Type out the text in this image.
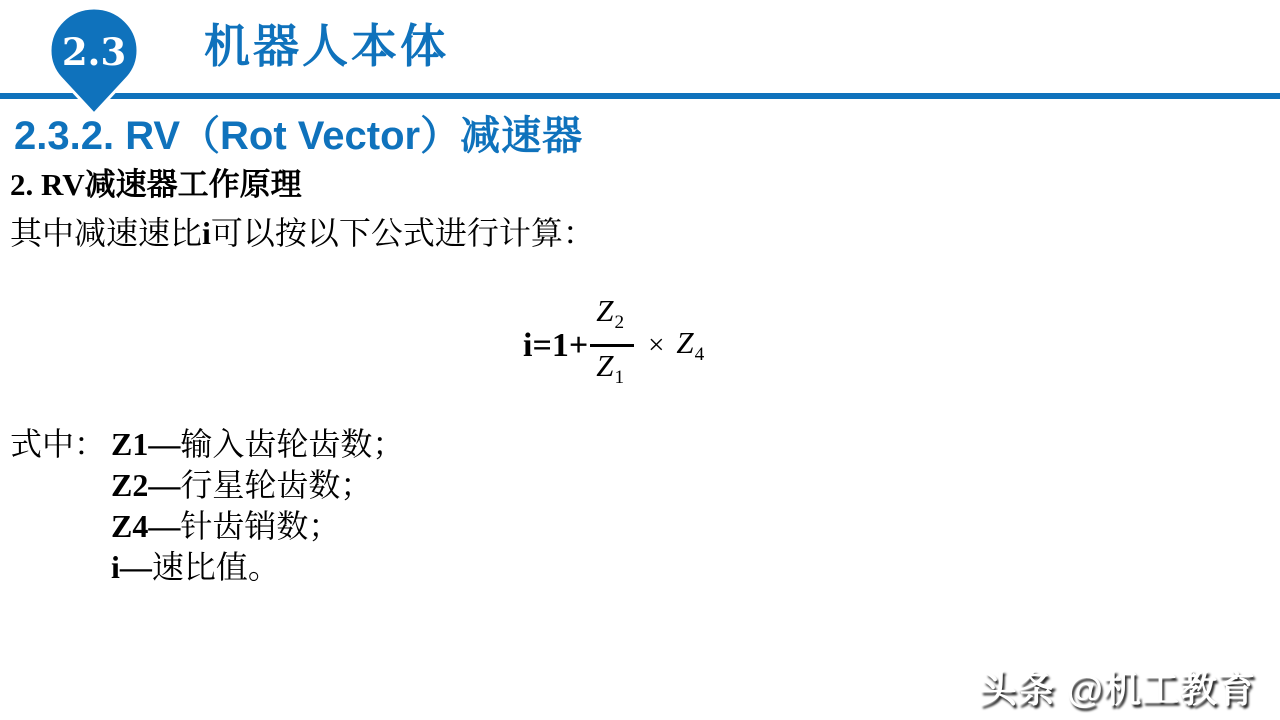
2.3 机器人本体
2.3.2. RV（Rot Vector）减速器
2. RV减速器工作原理
其中减速速比i可以按以下公式进行计算：
$i=1+ \frac{Z_2}{Z_1} \times Z_4$
式中： Z1—输入齿轮齿数；
Z2—行星轮齿数；
Z4—针齿销数；
i—速比值。
头条 @机工教育
